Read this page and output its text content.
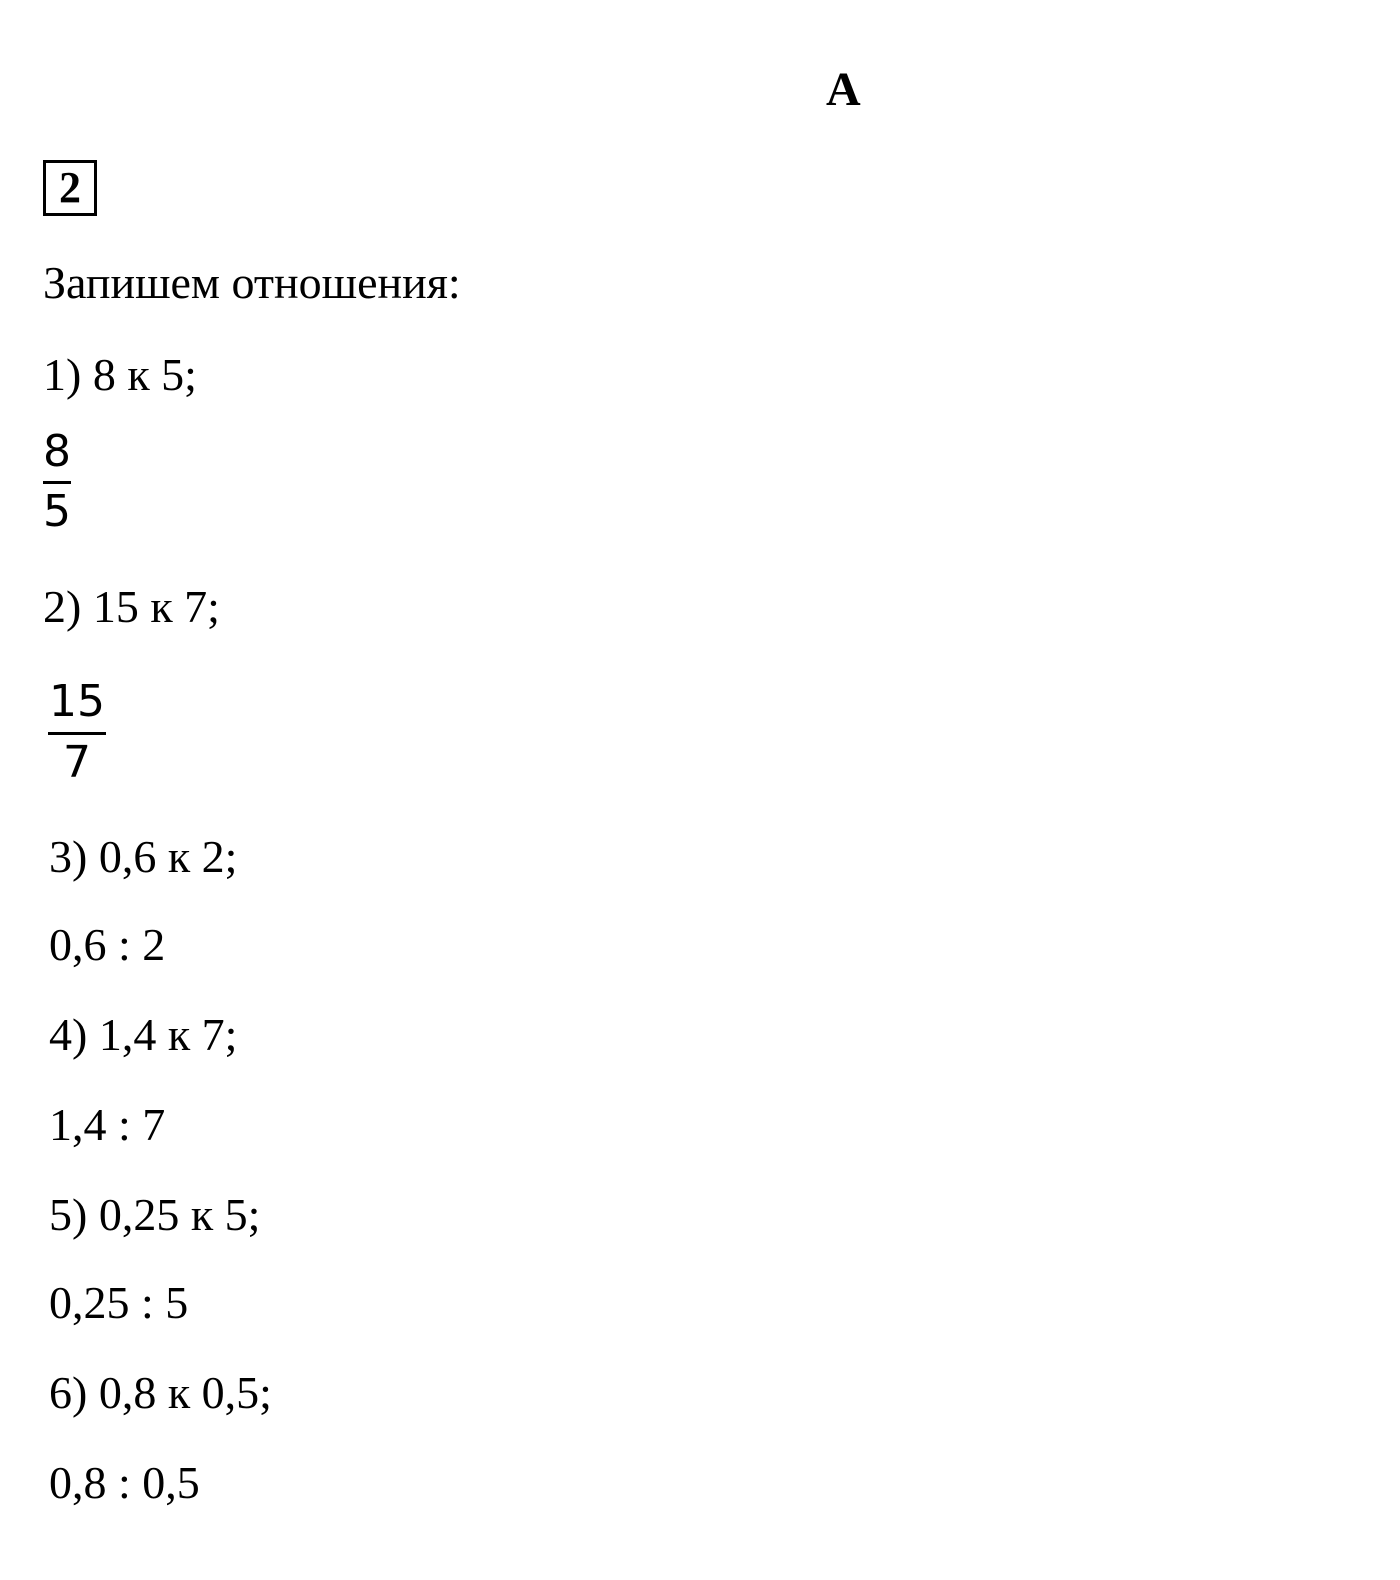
А
2
Запишем отношения:
1) 8 к 5;
8
5
2) 15 к 7;
15
7
3) 0,6 к 2;
0,6 : 2
4) 1,4 к 7;
1,4 : 7
5) 0,25 к 5;
0,25 : 5
6) 0,8 к 0,5;
0,8 : 0,5
